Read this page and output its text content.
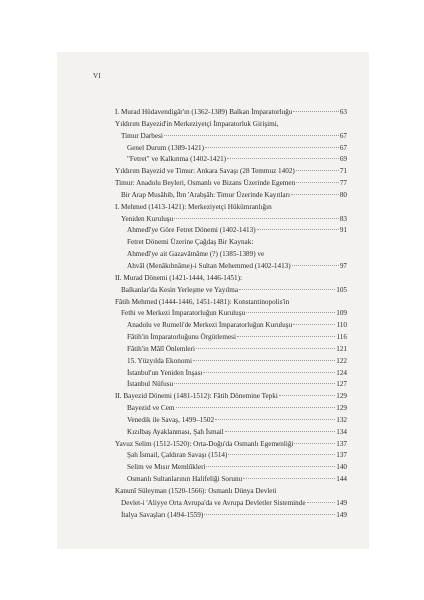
VI
I. Murad Hüdavendigâr'ın (1362-1389) Balkan İmparatorluğu	63
Yıldırım Bayezid'in Merkeziyetçi İmparatorluk Girişimi,
Timur Darbesi	67
Genel Durum (1389-1421)	67
"Fetret" ve Kalkınma (1402-1421)	69
Yıldırım Bayezid ve Timur: Ankara Savaşı (28 Temmuz 1402)	71
Timur: Anadolu Beyleri, Osmanlı ve Bizans Üzerinde Egemen	77
Bir Arap Musâhib, İbn 'Arabşâh: Timur Üzerinde Kayıtları	80
I. Mehmed (1413-1421): Merkeziyetçi Hükümranlığın
Yeniden Kuruluşu	83
Ahmedî'ye Göre Fetret Dönemi (1402-1413)	91
Fetret Dönemi Üzerine Çağdaş Bir Kaynak:
Ahmedî'ye ait Gazavâtnâme (?) (1385-1389) ve
Ahvâl (Menâkıbnâme)-i Sultan Mehemmed (1402-1413)	97
II. Murad Dönemi (1421-1444, 1446-1451):
Balkanlar'da Kesin Yerleşme ve Yayılma	105
Fâtih Mehmed (1444-1446, 1451-1481): Konstantinopolis'in
Fethi ve Merkezi İmparatorluğun Kuruluşu	109
Anadolu ve Rumeli'de Merkezi İmparatorluğun Kuruluşu	110
Fâtih'in İmparatorluğunu Örgütlemesi	116
Fâtih'in Mâlî Önlemleri	121
15. Yüzyılda Ekonomi	122
İstanbul'un Yeniden İnşası	124
İstanbul Nüfusu	127
II. Bayezid Dönemi (1481-1512): Fâtih Dönemine Tepki	129
Bayezid ve Cem	129
Venedik ile Savaş, 1499–1502	132
Kızılbaş Ayaklanması, Şah İsmail	134
Yavuz Selim (1512-1520): Orta-Doğu'da Osmanlı Egemenliği	137
Şah İsmail, Çaldıran Savaşı (1514)	137
Selim ve Mısır Memlûkleri	140
Osmanlı Sultanlarının Halifeliği Sorunu	144
Kanunî Süleyman (1520-1566): Osmanlı Dünya Devleti
Devlet-i 'Aliyye Orta Avrupa'da ve Avrupa Devletler Sisteminde	149
İtalya Savaşları (1494-1559)	149
